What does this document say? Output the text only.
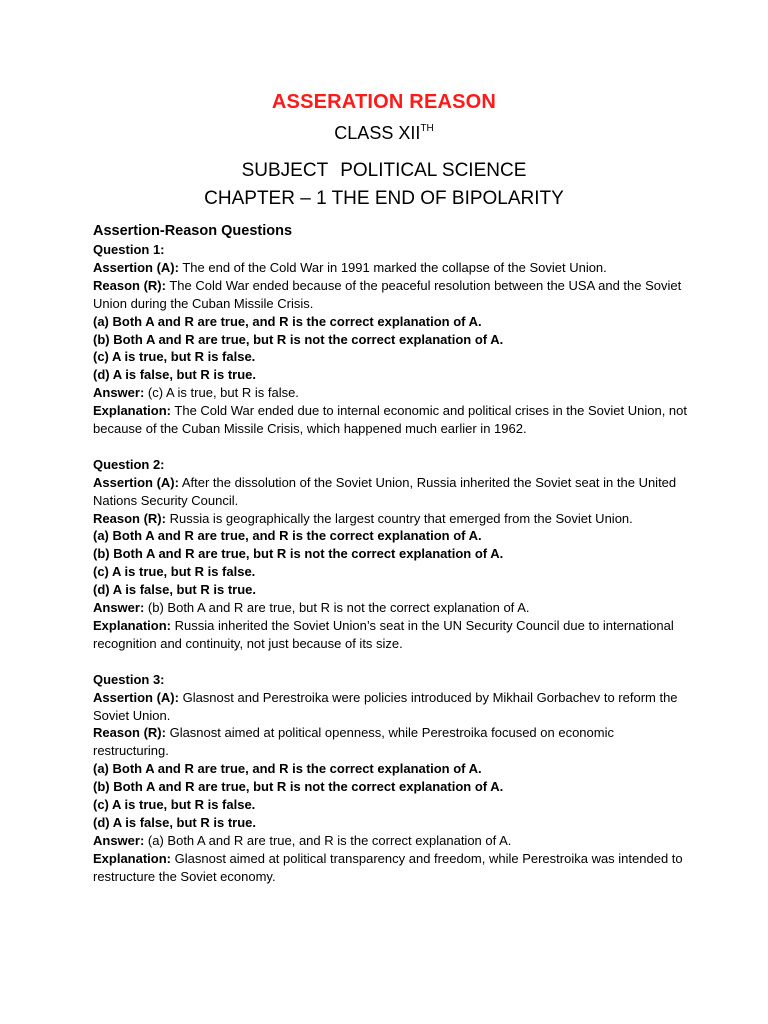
ASSERATION REASON

CLASS XIITH

SUBJECT POLITICAL SCIENCE

CHAPTER – 1 THE END OF BIPOLARITY

Assertion-Reason Questions

Question 1:

Assertion (A): The end of the Cold War in 1991 marked the collapse of the Soviet Union.

Reason (R): The Cold War ended because of the peaceful resolution between the USA and the Soviet Union during the Cuban Missile Crisis.

(a) Both A and R are true, and R is the correct explanation of A.

(b) Both A and R are true, but R is not the correct explanation of A.

(c) A is true, but R is false.

(d) A is false, but R is true.

Answer: (c) A is true, but R is false.

Explanation: The Cold War ended due to internal economic and political crises in the Soviet Union, not because of the Cuban Missile Crisis, which happened much earlier in 1962.

Question 2:

Assertion (A): After the dissolution of the Soviet Union, Russia inherited the Soviet seat in the United Nations Security Council.

Reason (R): Russia is geographically the largest country that emerged from the Soviet Union.

(a) Both A and R are true, and R is the correct explanation of A.

(b) Both A and R are true, but R is not the correct explanation of A.

(c) A is true, but R is false.

(d) A is false, but R is true.

Answer: (b) Both A and R are true, but R is not the correct explanation of A.

Explanation: Russia inherited the Soviet Union’s seat in the UN Security Council due to international recognition and continuity, not just because of its size.

Question 3:

Assertion (A): Glasnost and Perestroika were policies introduced by Mikhail Gorbachev to reform the Soviet Union.

Reason (R): Glasnost aimed at political openness, while Perestroika focused on economic restructuring.

(a) Both A and R are true, and R is the correct explanation of A.

(b) Both A and R are true, but R is not the correct explanation of A.

(c) A is true, but R is false.

(d) A is false, but R is true.

Answer: (a) Both A and R are true, and R is the correct explanation of A.

Explanation: Glasnost aimed at political transparency and freedom, while Perestroika was intended to restructure the Soviet economy.
